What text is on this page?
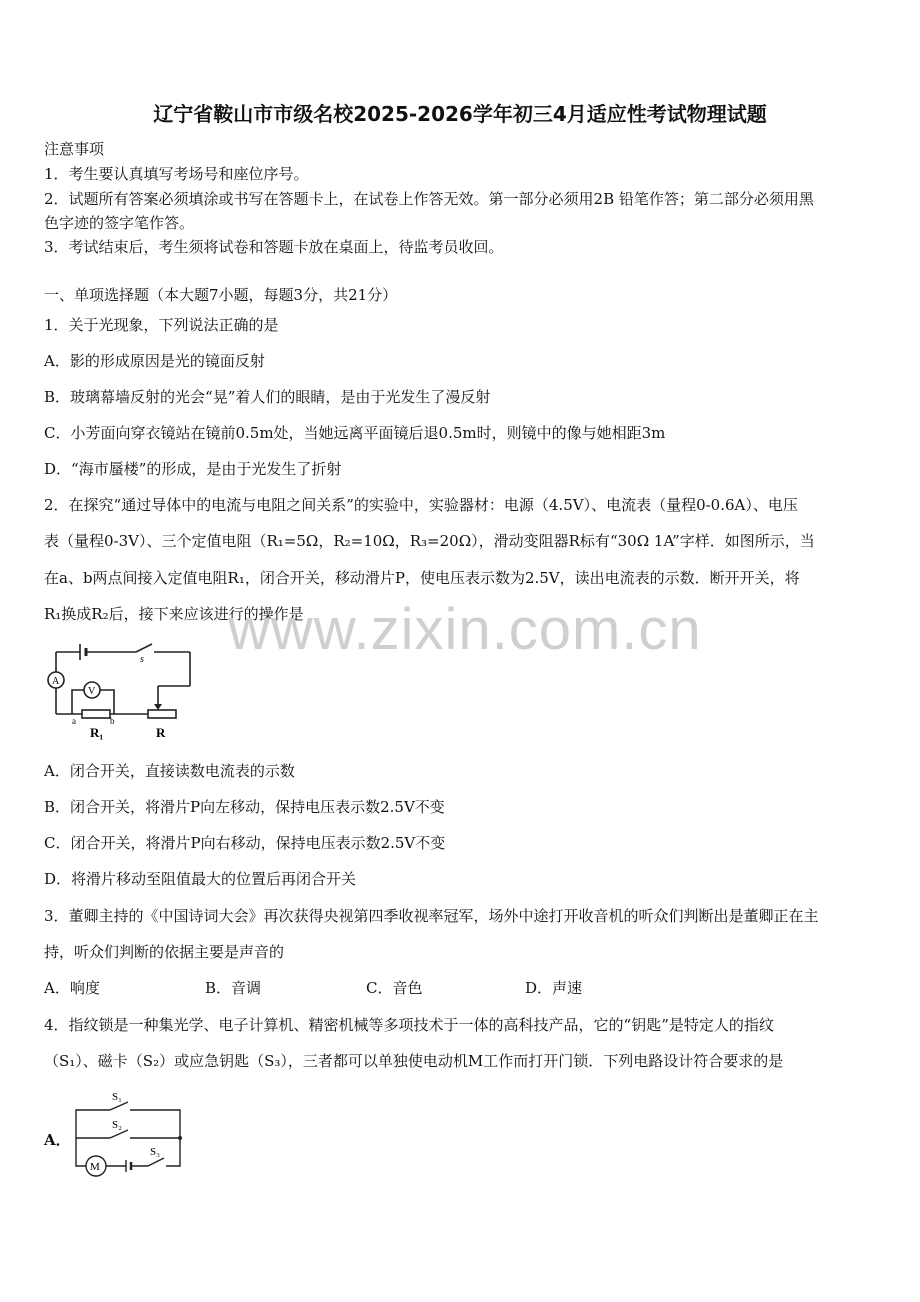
辽宁省鞍山市市级名校2025-2026学年初三4月适应性考试物理试题
注意事项
1．考生要认真填写考场号和座位序号。
2．试题所有答案必须填涂或书写在答题卡上，在试卷上作答无效。第一部分必须用2B 铅笔作答；第二部分必须用黑
色字迹的签字笔作答。
3．考试结束后，考生须将试卷和答题卡放在桌面上，待监考员收回。
一、单项选择题（本大题7小题，每题3分，共21分）
1．关于光现象，下列说法正确的是
A．影的形成原因是光的镜面反射
B．玻璃幕墙反射的光会“晃”着人们的眼睛，是由于光发生了漫反射
C．小芳面向穿衣镜站在镜前0.5m处，当她远离平面镜后退0.5m时，则镜中的像与她相距3m
D．“海市蜃楼”的形成，是由于光发生了折射
2．在探究“通过导体中的电流与电阻之间关系”的实验中，实验器材：电源（4.5V）、电流表（量程0-0.6A）、电压
表（量程0-3V）、三个定值电阻（R₁=5Ω，R₂=10Ω，R₃=20Ω），滑动变阻器R标有“30Ω 1A”字样．如图所示，当
在a、b两点间接入定值电阻R₁，闭合开关，移动滑片P，使电压表示数为2.5V，读出电流表的示数．断开开关，将
R₁换成R₂后，接下来应该进行的操作是
www.zixin.com.cn
A
V
s
a	b
R₁	R
A．闭合开关，直接读数电流表的示数
B．闭合开关，将滑片P向左移动，保持电压表示数2.5V不变
C．闭合开关，将滑片P向右移动，保持电压表示数2.5V不变
D．将滑片移动至阻值最大的位置后再闭合开关
3．董卿主持的《中国诗词大会》再次获得央视第四季收视率冠军，场外中途打开收音机的听众们判断出是董卿正在主
持，听众们判断的依据主要是声音的
A．响度	B．音调	C．音色	D．声速
4．指纹锁是一种集光学、电子计算机、精密机械等多项技术于一体的高科技产品，它的“钥匙”是特定人的指纹
（S₁）、磁卡（S₂）或应急钥匙（S₃），三者都可以单独使电动机M工作而打开门锁．下列电路设计符合要求的是
A．
S₁
S₂
S₃
M
